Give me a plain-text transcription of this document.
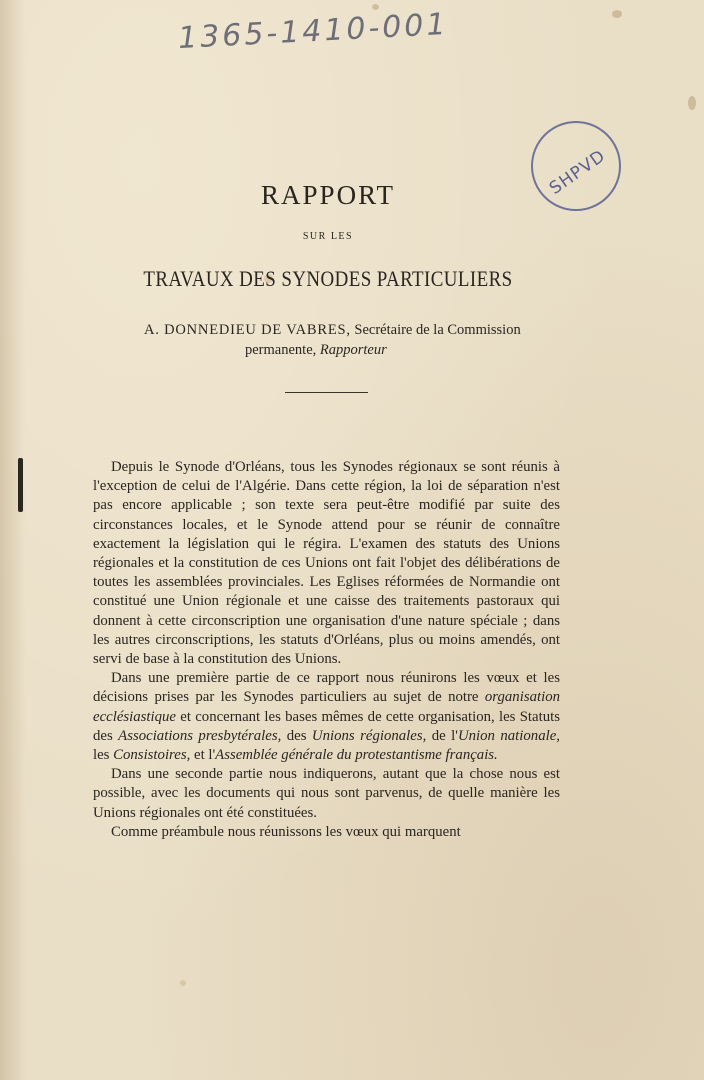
1365-1410-001
SHPVD
RAPPORT
SUR LES
TRAVAUX DES SYNODES PARTICULIERS
A. DONNEDIEU DE VABRES, Secrétaire de la Commission
permanente, Rapporteur

Depuis le Synode d'Orléans, tous les Synodes régionaux se sont réunis à l'exception de celui de l'Algérie. Dans cette région, la loi de séparation n'est pas encore applicable ; son texte sera peut-être modifié par suite des circonstances locales, et le Synode attend pour se réunir de connaître exactement la législation qui le régira. L'examen des statuts des Unions régionales et la constitution de ces Unions ont fait l'objet des délibérations de toutes les assemblées provinciales. Les Eglises réformées de Normandie ont constitué une Union régionale et une caisse des traitements pastoraux qui donnent à cette circonscription une organisation d'une nature spéciale ; dans les autres circonscriptions, les statuts d'Orléans, plus ou moins amendés, ont servi de base à la constitution des Unions.

Dans une première partie de ce rapport nous réunirons les vœux et les décisions prises par les Synodes particuliers au sujet de notre organisation ecclésiastique et concernant les bases mêmes de cette organisation, les Statuts des Associations presbytérales, des Unions régionales, de l'Union nationale, les Consistoires, et l'Assemblée générale du protestantisme français.

Dans une seconde partie nous indiquerons, autant que la chose nous est possible, avec les documents qui nous sont parvenus, de quelle manière les Unions régionales ont été constituées.

Comme préambule nous réunissons les vœux qui marquent
